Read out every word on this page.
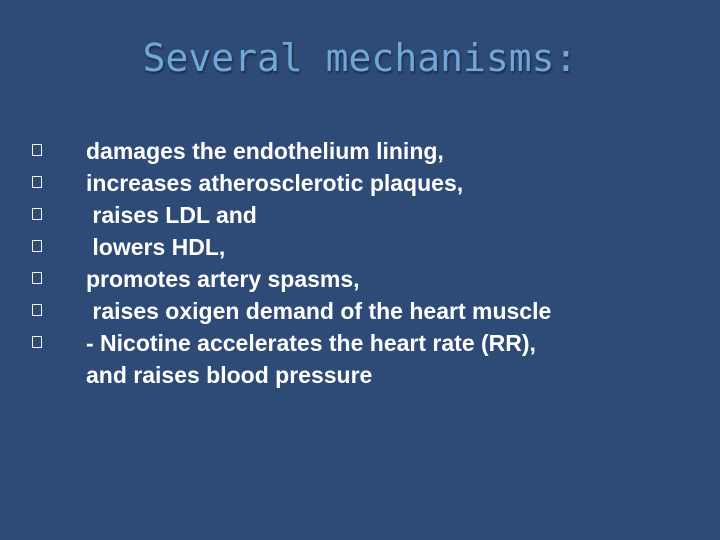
Several mechanisms:
damages the endothelium lining,
increases atherosclerotic plaques,
raises LDL and
lowers HDL,
promotes artery spasms,
raises oxigen demand of the heart muscle
- Nicotine accelerates the heart rate (RR),
and raises blood pressure
